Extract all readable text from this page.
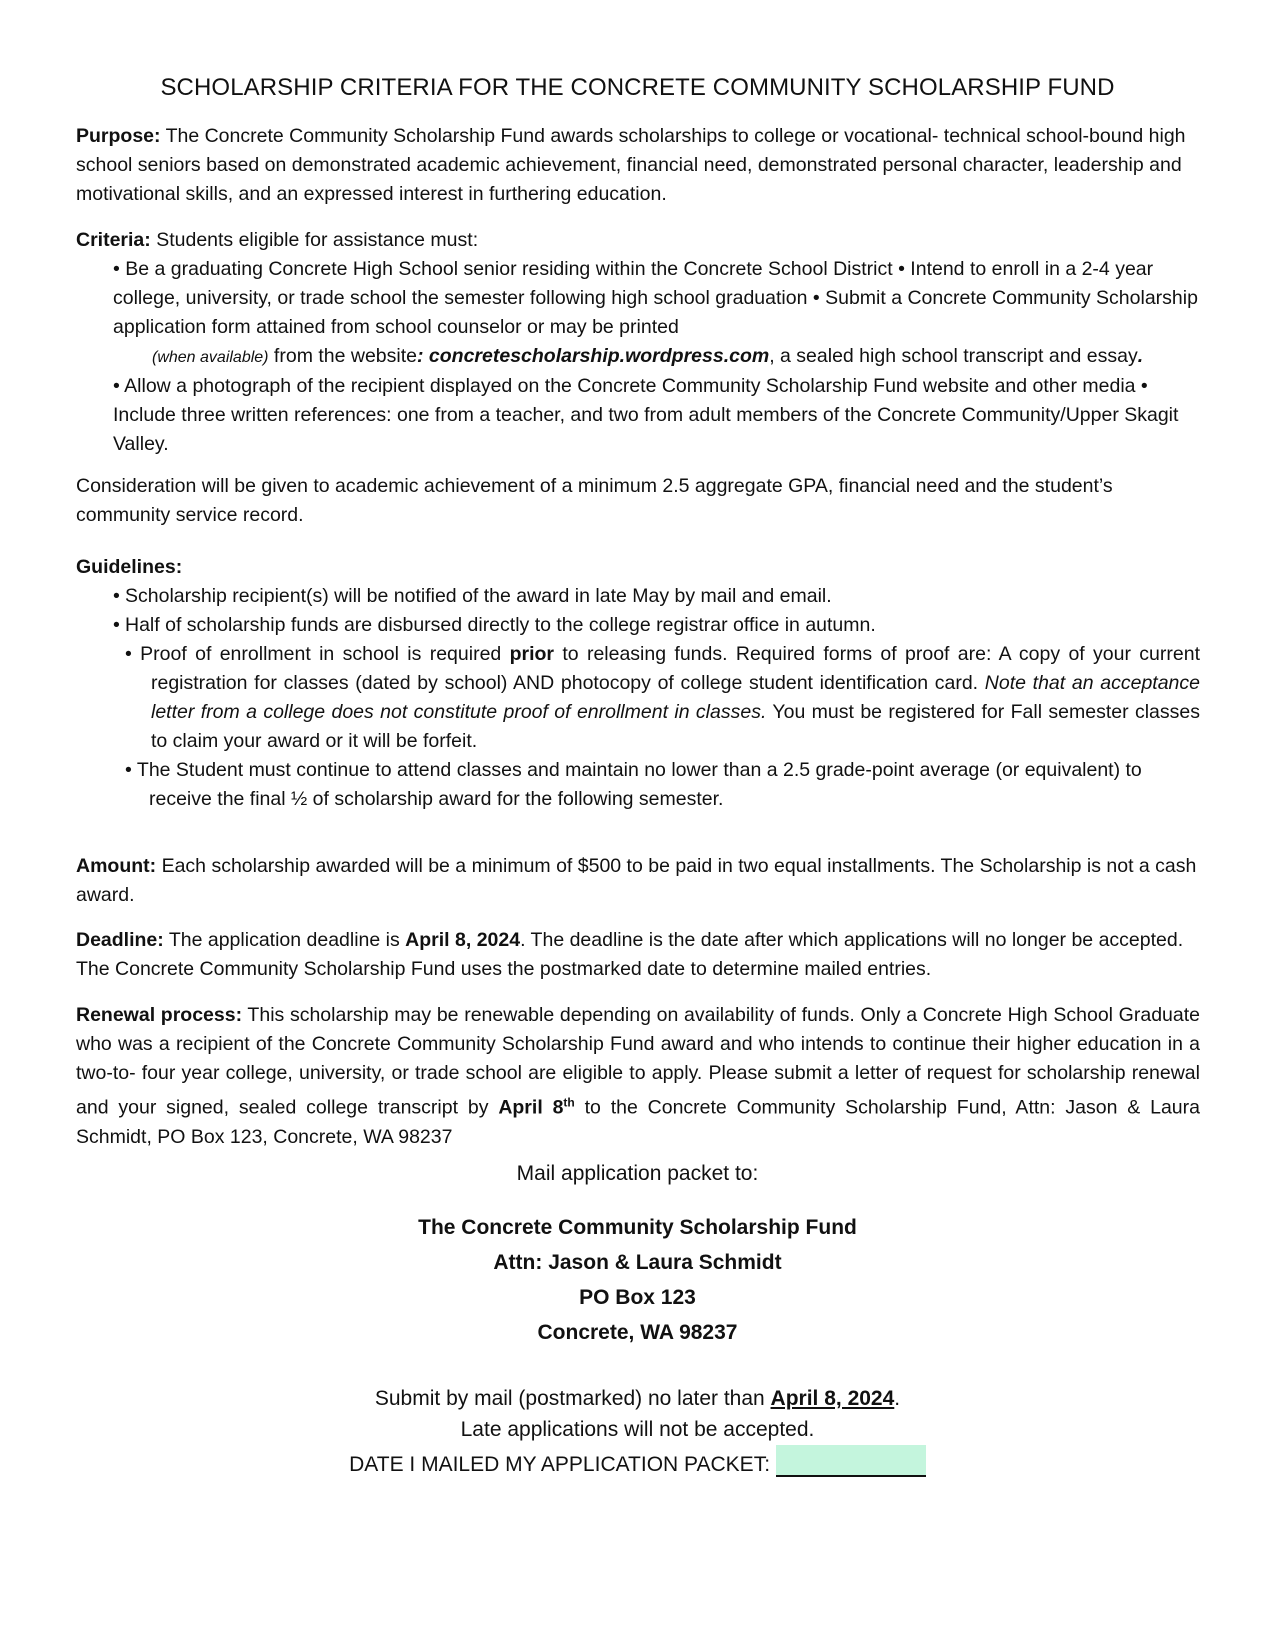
SCHOLARSHIP CRITERIA FOR THE CONCRETE COMMUNITY SCHOLARSHIP FUND

Purpose: The Concrete Community Scholarship Fund awards scholarships to college or vocational- technical school-bound high school seniors based on demonstrated academic achievement, financial need, demonstrated personal character, leadership and motivational skills, and an expressed interest in furthering education.

Criteria: Students eligible for assistance must:

• Be a graduating Concrete High School senior residing within the Concrete School District • Intend to enroll in a 2-4 year college, university, or trade school the semester following high school graduation • Submit a Concrete Community Scholarship application form attained from school counselor or may be printed

(when available) from the website: concretescholarship.wordpress.com, a sealed high school transcript and essay.

• Allow a photograph of the recipient displayed on the Concrete Community Scholarship Fund website and other media • Include three written references: one from a teacher, and two from adult members of the Concrete Community/Upper Skagit Valley.

Consideration will be given to academic achievement of a minimum 2.5 aggregate GPA, financial need and the student’s community service record.

Guidelines:

• Scholarship recipient(s) will be notified of the award in late May by mail and email.
• Half of scholarship funds are disbursed directly to the college registrar office in autumn.
• Proof of enrollment in school is required prior to releasing funds. Required forms of proof are: A copy of your current registration for classes (dated by school) AND photocopy of college student identification card. Note that an acceptance letter from a college does not constitute proof of enrollment in classes. You must be registered for Fall semester classes to claim your award or it will be forfeit.
• The Student must continue to attend classes and maintain no lower than a 2.5 grade-point average (or equivalent) to receive the final ½ of scholarship award for the following semester.

Amount: Each scholarship awarded will be a minimum of $500 to be paid in two equal installments. The Scholarship is not a cash award.

Deadline: The application deadline is April 8, 2024. The deadline is the date after which applications will no longer be accepted. The Concrete Community Scholarship Fund uses the postmarked date to determine mailed entries.

Renewal process: This scholarship may be renewable depending on availability of funds. Only a Concrete High School Graduate who was a recipient of the Concrete Community Scholarship Fund award and who intends to continue their higher education in a two-to- four year college, university, or trade school are eligible to apply. Please submit a letter of request for scholarship renewal and your signed, sealed college transcript by April 8th to the Concrete Community Scholarship Fund, Attn: Jason & Laura Schmidt, PO Box 123, Concrete, WA 98237

Mail application packet to:
The Concrete Community Scholarship Fund
Attn: Jason & Laura Schmidt
PO Box 123
Concrete, WA 98237
Submit by mail (postmarked) no later than April 8, 2024.
Late applications will not be accepted.
DATE I MAILED MY APPLICATION PACKET:
